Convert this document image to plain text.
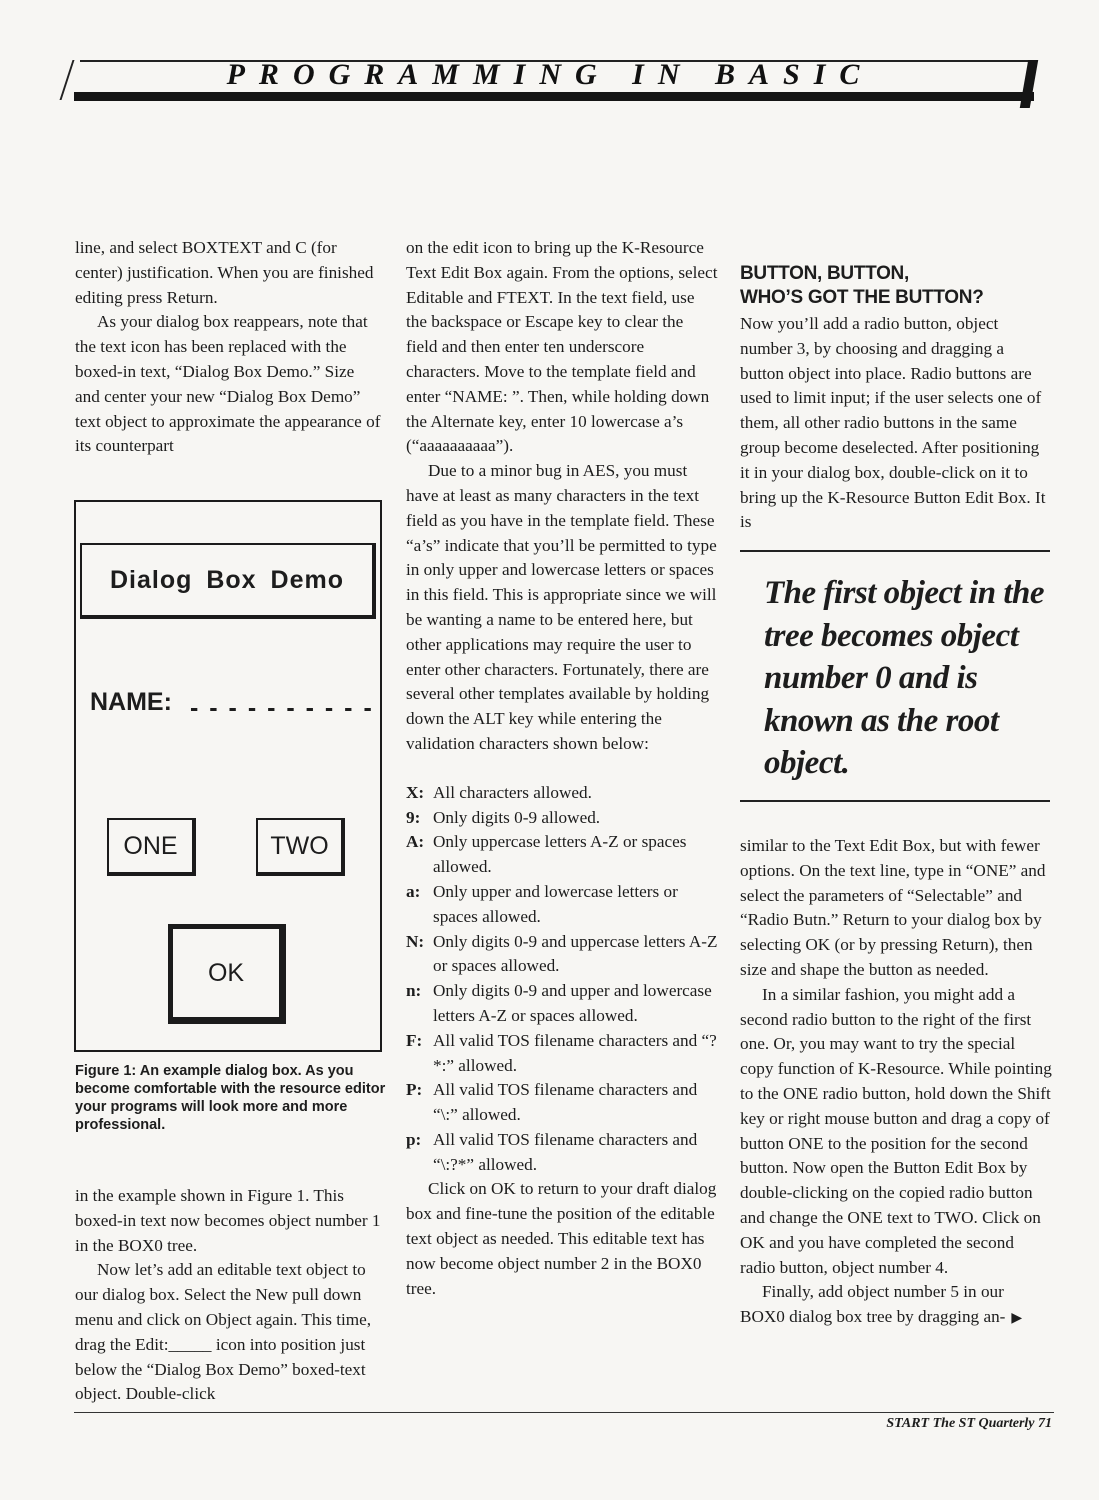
PROGRAMMING IN BASIC

line, and select BOXTEXT and C (for center) justification. When you are finished editing press Return.

As your dialog box reappears, note that the text icon has been replaced with the boxed-in text, “Dialog Box Demo.” Size and center your new “Dialog Box Demo” text object to approximate the appearance of its counterpart

Dialog Box Demo
NAME: - - - - - - - - - -
ONE	TWO
OK
Figure 1: An example dialog box. As you become comfortable with the resource editor your programs will look more and more professional.

in the example shown in Figure 1. This boxed-in text now becomes object number 1 in the BOX0 tree.

Now let’s add an editable text object to our dialog box. Select the New pull down menu and click on Object again. This time, drag the Edit:_____ icon into position just below the “Dialog Box Demo” boxed-text object. Double-click

on the edit icon to bring up the K-Resource Text Edit Box again. From the options, select Editable and FTEXT. In the text field, use the backspace or Escape key to clear the field and then enter ten underscore characters. Move to the template field and enter “NAME: ”. Then, while holding down the Alternate key, enter 10 lowercase a’s (“aaaaaaaaaa”).

Due to a minor bug in AES, you must have at least as many characters in the text field as you have in the template field. These “a’s” indicate that you’ll be permitted to type in only upper and lowercase letters or spaces in this field. This is appropriate since we will be wanting a name to be entered here, but other applications may require the user to enter other characters. Fortunately, there are several other templates available by holding down the ALT key while entering the validation characters shown below:

X: All characters allowed.
9: Only digits 0-9 allowed.
A: Only uppercase letters A-Z or spaces allowed.
a: Only upper and lowercase letters or spaces allowed.
N: Only digits 0-9 and uppercase letters A-Z or spaces allowed.
n: Only digits 0-9 and upper and lowercase letters A-Z or spaces allowed.
F: All valid TOS filename characters and “?*:” allowed.
P: All valid TOS filename characters and “\:” allowed.
p: All valid TOS filename characters and “\:?*” allowed.

Click on OK to return to your draft dialog box and fine-tune the position of the editable text object as needed. This editable text has now become object number 2 in the BOX0 tree.

BUTTON, BUTTON,
WHO’S GOT THE BUTTON?

Now you’ll add a radio button, object number 3, by choosing and dragging a button object into place. Radio buttons are used to limit input; if the user selects one of them, all other radio buttons in the same group become deselected. After positioning it in your dialog box, double-click on it to bring up the K-Resource Button Edit Box. It is

The first object in the tree becomes object number 0 and is known as the root object.

similar to the Text Edit Box, but with fewer options. On the text line, type in “ONE” and select the parameters of “Selectable” and “Radio Butn.” Return to your dialog box by selecting OK (or by pressing Return), then size and shape the button as needed.

In a similar fashion, you might add a second radio button to the right of the first one. Or, you may want to try the special copy function of K-Resource. While pointing to the ONE radio button, hold down the Shift key or right mouse button and drag a copy of button ONE to the position for the second button. Now open the Button Edit Box by double-clicking on the copied radio button and change the ONE text to TWO. Click on OK and you have completed the second radio button, object number 4.

Finally, add object number 5 in our BOX0 dialog box tree by dragging an- ▶

START The ST Quarterly 71
